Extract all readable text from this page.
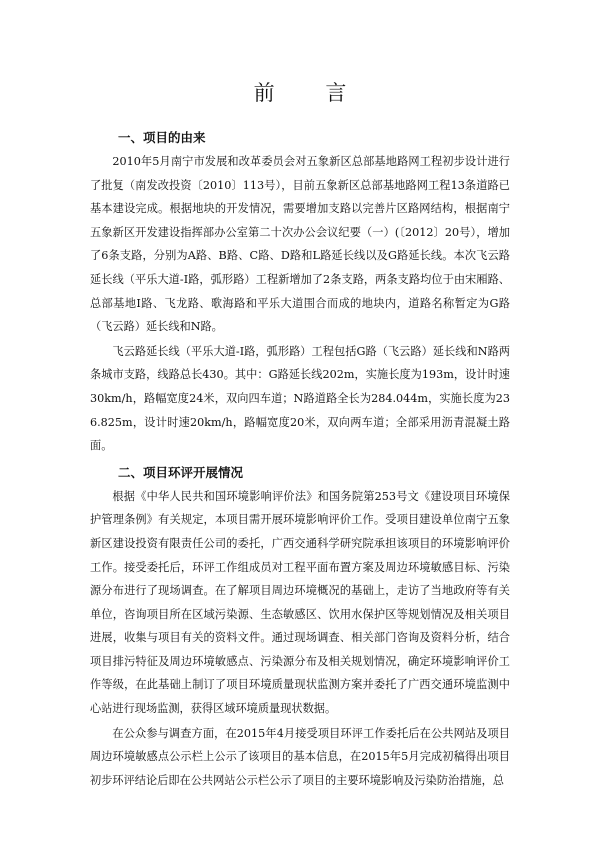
前 言
一、项目的由来

2010年5月南宁市发展和改革委员会对五象新区总部基地路网工程初步设计进行了批复（南发改投资〔2010〕113号），目前五象新区总部基地路网工程13条道路已基本建设完成。根据地块的开发情况，需要增加支路以完善片区路网结构，根据南宁五象新区开发建设指挥部办公室第二十次办公会议纪要（一）(〔2012〕20号），增加了6条支路，分别为A路、B路、C路、D路和L路延长线以及G路延长线。本次飞云路延长线（平乐大道-I路，弧形路）工程新增加了2条支路，两条支路均位于由宋厢路、总部基地I路、飞龙路、歌海路和平乐大道围合而成的地块内，道路名称暂定为G路（飞云路）延长线和N路。

飞云路延长线（平乐大道-I路，弧形路）工程包括G路（飞云路）延长线和N路两条城市支路，线路总长430。其中：G路延长线202m，实施长度为193m，设计时速30km/h，路幅宽度24米，双向四车道；N路道路全长为284.044m，实施长度为236.825m，设计时速20km/h，路幅宽度20米，双向两车道；全部采用沥青混凝土路面。

二、项目环评开展情况

根据《中华人民共和国环境影响评价法》和国务院第253号文《建设项目环境保护管理条例》有关规定，本项目需开展环境影响评价工作。受项目建设单位南宁五象新区建设投资有限责任公司的委托，广西交通科学研究院承担该项目的环境影响评价工作。接受委托后，环评工作组成员对工程平面布置方案及周边环境敏感目标、污染源分布进行了现场调查。在了解项目周边环境概况的基础上，走访了当地政府等有关单位，咨询项目所在区域污染源、生态敏感区、饮用水保护区等规划情况及相关项目进展，收集与项目有关的资料文件。通过现场调查、相关部门咨询及资料分析，结合项目排污特征及周边环境敏感点、污染源分布及相关规划情况，确定环境影响评价工作等级，在此基础上制订了项目环境质量现状监测方案并委托了广西交通环境监测中心站进行现场监测，获得区域环境质量现状数据。

在公众参与调查方面，在2015年4月接受项目环评工作委托后在公共网站及项目周边环境敏感点公示栏上公示了该项目的基本信息，在2015年5月完成初稿得出项目初步环评结论后即在公共网站公示栏公示了项目的主要环境影响及污染防治措施，总
